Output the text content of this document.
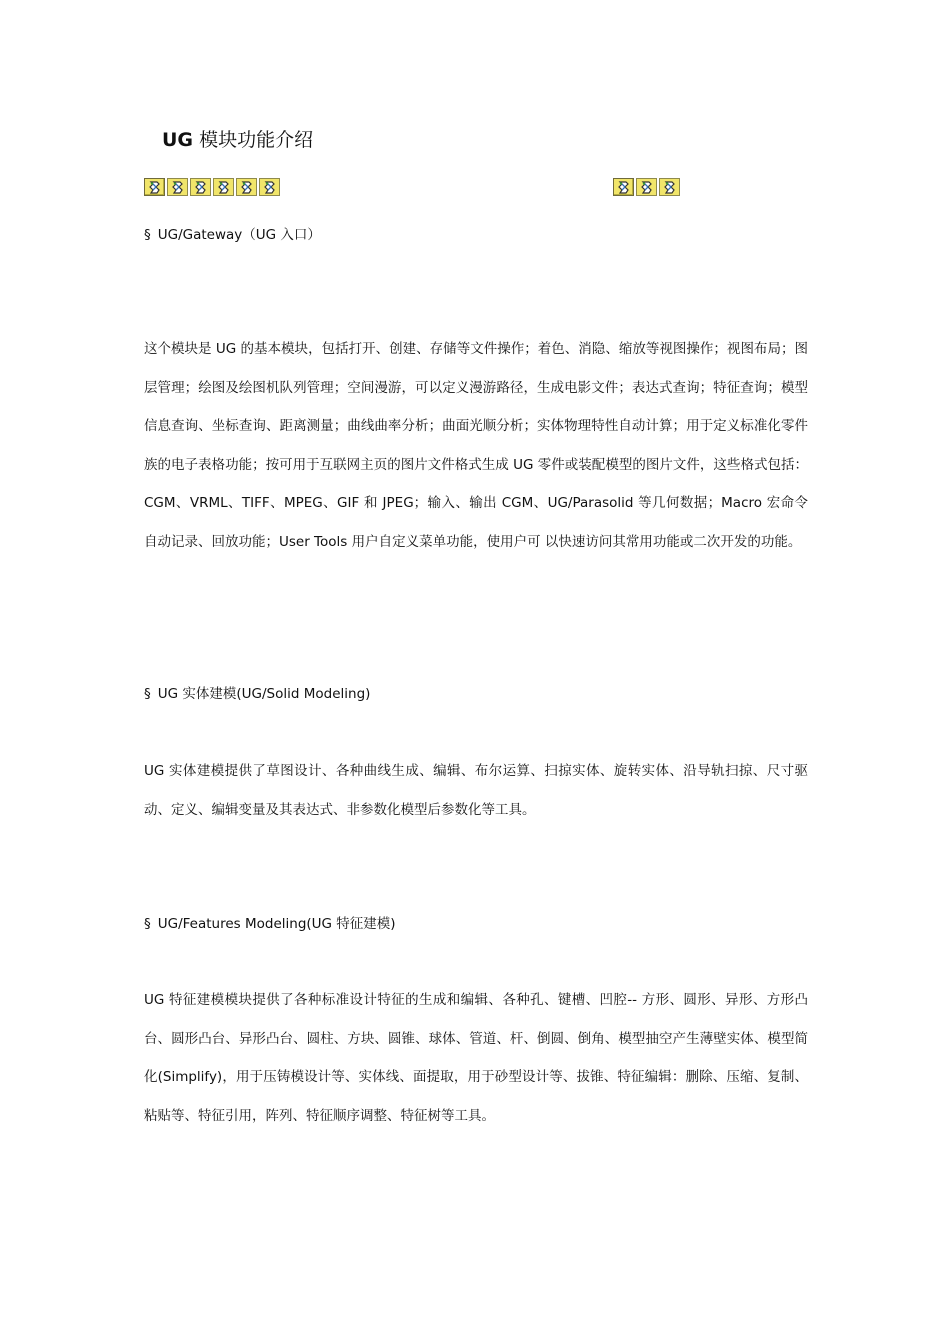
UG 模块功能介绍
§ UG/Gateway（UG 入口）

这个模块是 UG 的基本模块，包括打开、创建、存储等文件操作；着色、消隐、缩放等视图操作；视图布局；图层管理；绘图及绘图机队列管理；空间漫游，可以定义漫游路径，生成电影文件；表达式查询；特征查询；模型信息查询、坐标查询、距离测量；曲线曲率分析；曲面光顺分析；实体物理特性自动计算；用于定义标准化零件族的电子表格功能；按可用于互联网主页的图片文件格式生成 UG 零件或装配模型的图片文件，这些格式包括：CGM、VRML、TIFF、MPEG、GIF 和 JPEG；输入、输出 CGM、UG/Parasolid 等几何数据；Macro 宏命令自动记录、回放功能；User Tools 用户自定义菜单功能，使用户可 以快速访问其常用功能或二次开发的功能。

§ UG 实体建模(UG/Solid Modeling)

UG 实体建模提供了草图设计、各种曲线生成、编辑、布尔运算、扫掠实体、旋转实体、沿导轨扫掠、尺寸驱动、定义、编辑变量及其表达式、非参数化模型后参数化等工具。

§ UG/Features Modeling(UG 特征建模)

UG 特征建模模块提供了各种标准设计特征的生成和编辑、各种孔、键槽、凹腔-- 方形、圆形、异形、方形凸台、圆形凸台、异形凸台、圆柱、方块、圆锥、球体、管道、杆、倒圆、倒角、模型抽空产生薄壁实体、模型简化(Simplify)，用于压铸模设计等、实体线、面提取，用于砂型设计等、拔锥、特征编辑：删除、压缩、复制、粘贴等、特征引用，阵列、特征顺序调整、特征树等工具。
